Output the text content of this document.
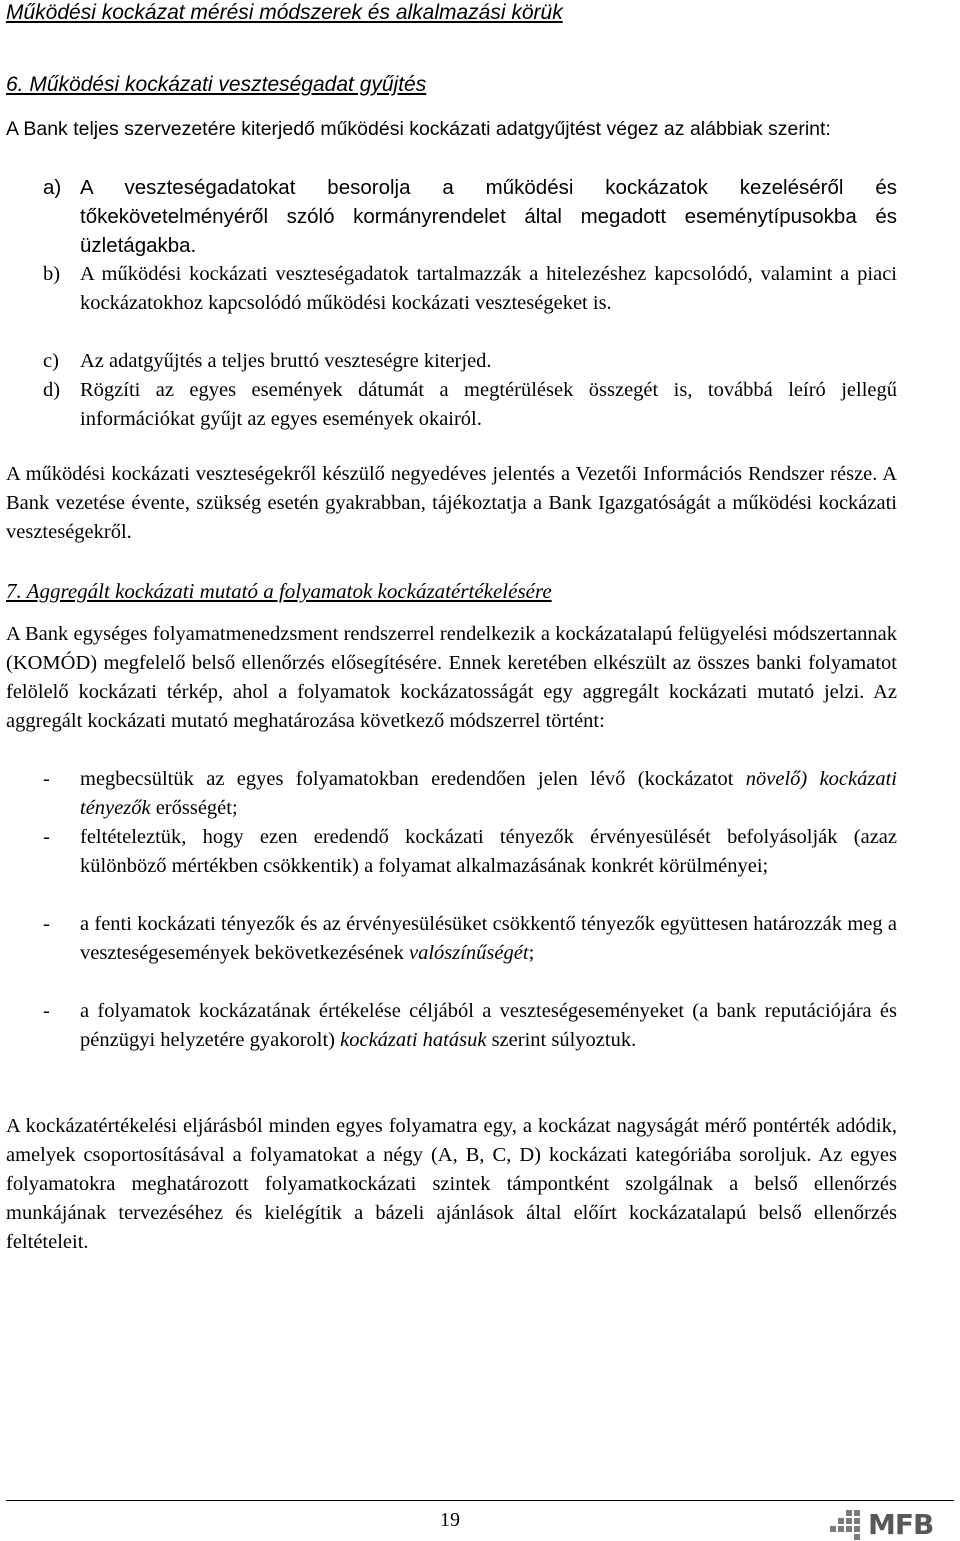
Működési kockázat mérési módszerek és alkalmazási körük
6. Működési kockázati veszteségadat gyűjtés
A Bank teljes szervezetére kiterjedő működési kockázati adatgyűjtést végez az alábbiak szerint:
a) A veszteségadatokat besorolja a működési kockázatok kezeléséről és tőkekövetelményéről szóló kormányrendelet által megadott eseménytípusokba és üzletágakba.
b) A működési kockázati veszteségadatok tartalmazzák a hitelezéshez kapcsolódó, valamint a piaci kockázatokhoz kapcsolódó működési kockázati veszteségeket is.
c) Az adatgyűjtés a teljes bruttó veszteségre kiterjed.
d) Rögzíti az egyes események dátumát a megtérülések összegét is, továbbá leíró jellegű információkat gyűjt az egyes események okairól.
A működési kockázati veszteségekről készülő negyedéves jelentés a Vezetői Információs Rendszer része. A Bank vezetése évente, szükség esetén gyakrabban, tájékoztatja a Bank Igazgatóságát a működési kockázati veszteségekről.
7. Aggregált kockázati mutató a folyamatok kockázatértékelésére
A Bank egységes folyamatmenedzsment rendszerrel rendelkezik a kockázatalapú felügyelési módszertannak (KOMÓD) megfelelő belső ellenőrzés elősegítésére. Ennek keretében elkészült az összes banki folyamatot felölelő kockázati térkép, ahol a folyamatok kockázatosságát egy aggregált kockázati mutató jelzi. Az aggregált kockázati mutató meghatározása következő módszerrel történt:
- megbecsültük az egyes folyamatokban eredendően jelen lévő (kockázatot növelő) kockázati tényezők erősségét;
- feltételeztük, hogy ezen eredendő kockázati tényezők érvényesülését befolyásolják (azaz különböző mértékben csökkentik) a folyamat alkalmazásának konkrét körülményei;
- a fenti kockázati tényezők és az érvényesülésüket csökkentő tényezők együttesen határozzák meg a veszteségesemények bekövetkezésének valószínűségét;
- a folyamatok kockázatának értékelése céljából a veszteségeseményeket (a bank reputációjára és pénzügyi helyzetére gyakorolt) kockázati hatásuk szerint súlyoztuk.
A kockázatértékelési eljárásból minden egyes folyamatra egy, a kockázat nagyságát mérő pontérték adódik, amelyek csoportosításával a folyamatokat a négy (A, B, C, D) kockázati kategóriába soroljuk. Az egyes folyamatokra meghatározott folyamatkockázati szintek támpontként szolgálnak a belső ellenőrzés munkájának tervezéséhez és kielégítik a bázeli ajánlások által előírt kockázatalapú belső ellenőrzés feltételeit.
19	MFB
